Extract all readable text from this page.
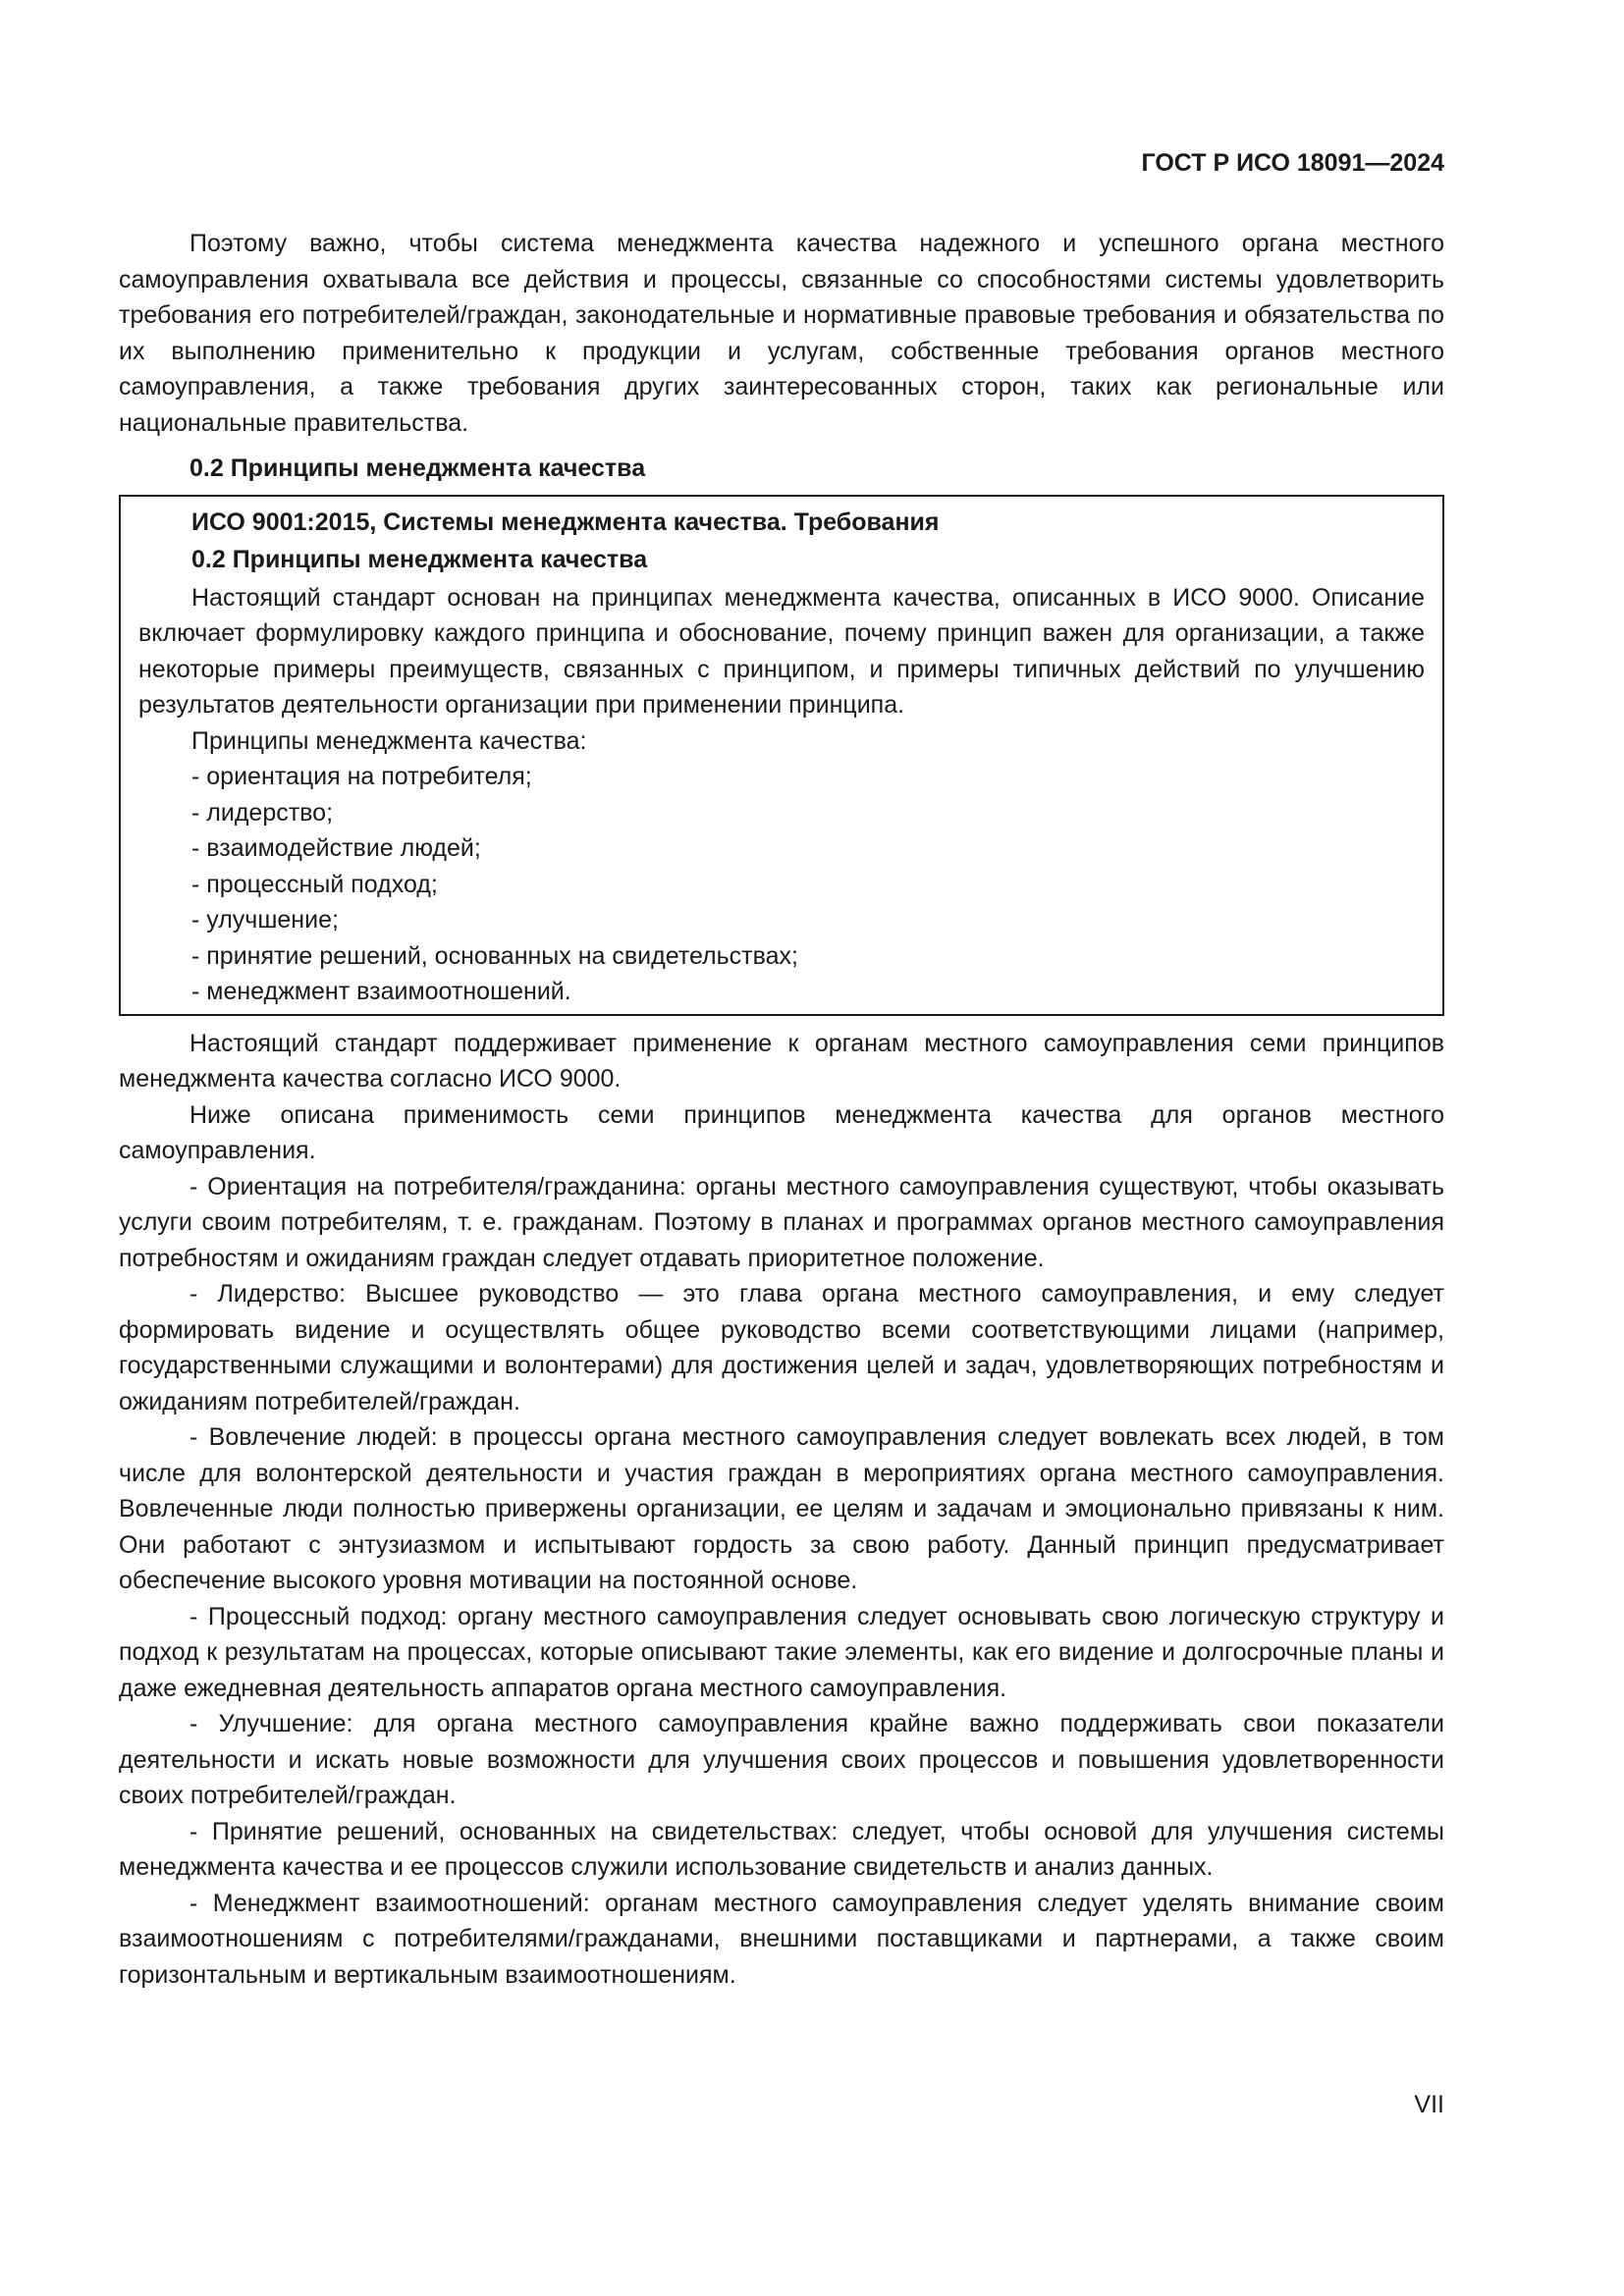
ГОСТ Р ИСО 18091—2024

Поэтому важно, чтобы система менеджмента качества надежного и успешного органа местного самоуправления охватывала все действия и процессы, связанные со способностями системы удовлетворить требования его потребителей/граждан, законодательные и нормативные правовые требования и обязательства по их выполнению применительно к продукции и услугам, собственные требования органов местного самоуправления, а также требования других заинтересованных сторон, таких как региональные или национальные правительства.

0.2 Принципы менеджмента качества

ИСО 9001:2015, Системы менеджмента качества. Требования

0.2 Принципы менеджмента качества

Настоящий стандарт основан на принципах менеджмента качества, описанных в ИСО 9000. Описание включает формулировку каждого принципа и обоснование, почему принцип важен для организации, а также некоторые примеры преимуществ, связанных с принципом, и примеры типичных действий по улучшению результатов деятельности организации при применении принципа.

Принципы менеджмента качества:

- ориентация на потребителя;
- лидерство;
- взаимодействие людей;
- процессный подход;
- улучшение;
- принятие решений, основанных на свидетельствах;
- менеджмент взаимоотношений.

Настоящий стандарт поддерживает применение к органам местного самоуправления семи принципов менеджмента качества согласно ИСО 9000.

Ниже описана применимость семи принципов менеджмента качества для органов местного самоуправления.

- Ориентация на потребителя/гражданина: органы местного самоуправления существуют, чтобы оказывать услуги своим потребителям, т. е. гражданам. Поэтому в планах и программах органов местного самоуправления потребностям и ожиданиям граждан следует отдавать приоритетное положение.

- Лидерство: Высшее руководство — это глава органа местного самоуправления, и ему следует формировать видение и осуществлять общее руководство всеми соответствующими лицами (например, государственными служащими и волонтерами) для достижения целей и задач, удовлетворяющих потребностям и ожиданиям потребителей/граждан.

- Вовлечение людей: в процессы органа местного самоуправления следует вовлекать всех людей, в том числе для волонтерской деятельности и участия граждан в мероприятиях органа местного самоуправления. Вовлеченные люди полностью привержены организации, ее целям и задачам и эмоционально привязаны к ним. Они работают с энтузиазмом и испытывают гордость за свою работу. Данный принцип предусматривает обеспечение высокого уровня мотивации на постоянной основе.

- Процессный подход: органу местного самоуправления следует основывать свою логическую структуру и подход к результатам на процессах, которые описывают такие элементы, как его видение и долгосрочные планы и даже ежедневная деятельность аппаратов органа местного самоуправления.

- Улучшение: для органа местного самоуправления крайне важно поддерживать свои показатели деятельности и искать новые возможности для улучшения своих процессов и повышения удовлетворенности своих потребителей/граждан.

- Принятие решений, основанных на свидетельствах: следует, чтобы основой для улучшения системы менеджмента качества и ее процессов служили использование свидетельств и анализ данных.

- Менеджмент взаимоотношений: органам местного самоуправления следует уделять внимание своим взаимоотношениям с потребителями/гражданами, внешними поставщиками и партнерами, а также своим горизонтальным и вертикальным взаимоотношениям.

VII
